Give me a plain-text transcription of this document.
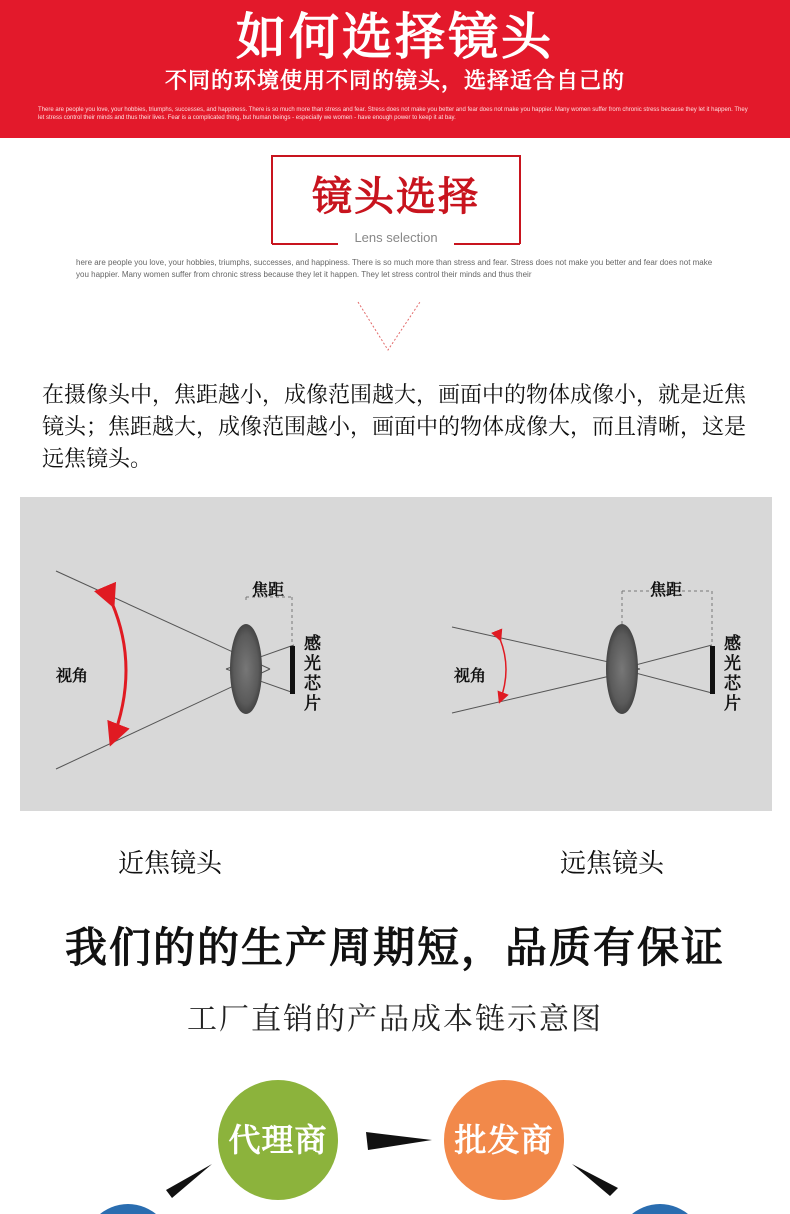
如何选择镜头
不同的环境使用不同的镜头，选择适合自己的
There are people you love, your hobbies, triumphs, successes, and happiness. There is so much more than stress and fear. Stress does not make you better and fear does not make you happier. Many women suffer from chronic stress because they let it happen. They let stress control their minds and thus their lives. Fear is a complicated thing, but human beings - especially we women - have enough power to keep it at bay.
镜头选择
Lens selection
here are people you love, your hobbies, triumphs, successes, and happiness. There is so much more than stress and fear. Stress does not make you better and fear does not make you happier. Many women suffer from chronic stress because they let it happen. They let stress control their minds and thus their
在摄像头中，焦距越小，成像范围越大，画面中的物体成像小，就是近焦镜头；焦距越大，成像范围越小，画面中的物体成像大，而且清晰，这是远焦镜头。
焦距
视角
感
光
芯
片
焦距
视角
感
光
芯
片
近焦镜头	远焦镜头
我们的的生产周期短，品质有保证
工厂直销的产品成本链示意图
代理商	批发商
